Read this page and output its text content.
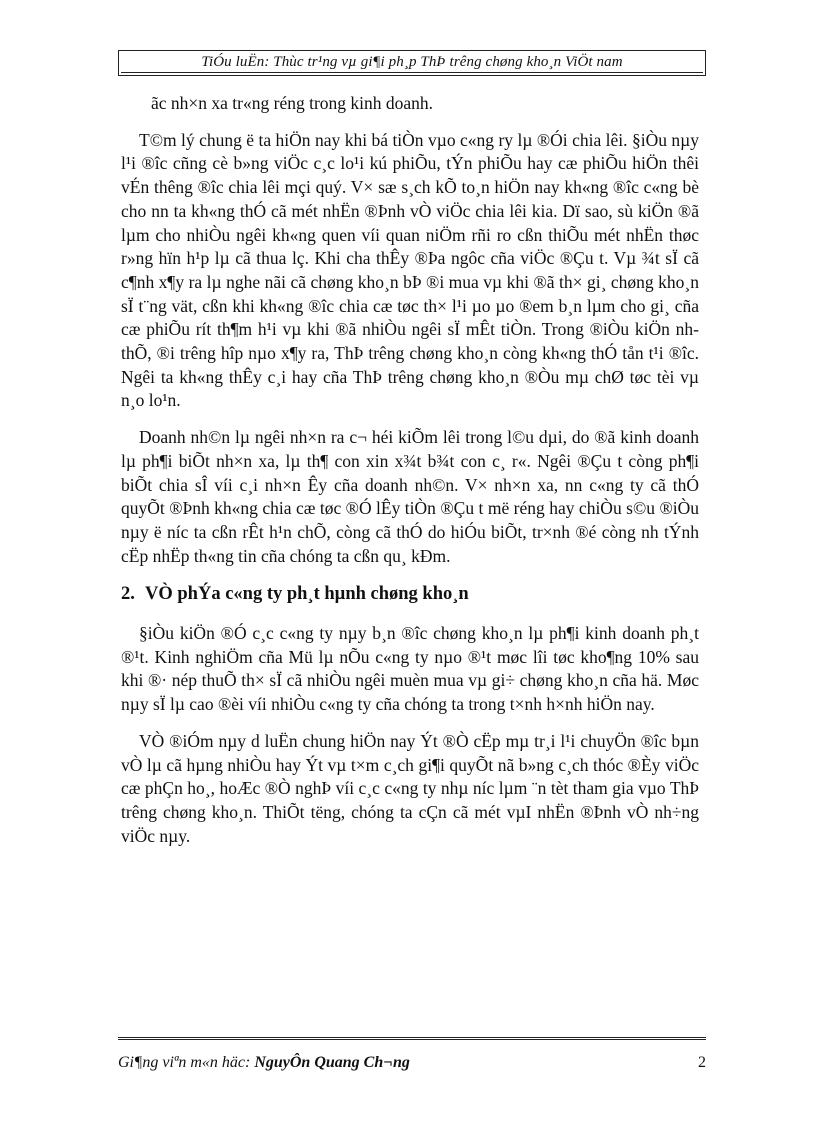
TiÓu luËn: Thùc tr¹ng vµ gi¶i ph¸p ThÞ trêng chøng kho¸n ViÖt nam

ãc nh×n xa tr«ng réng trong kinh doanh.

T©m lý chung ë ta hiÖn nay khi bá tiÒn vµo c«ng ry lµ ®Ói chia lêi. §iÒu nµy l¹i ®îc cñng cè b»ng viÖc c¸c lo¹i kú phiÕu, tÝn phiÕu hay cæ phiÕu hiÖn thêi vÉn thêng ®îc chia lêi mçi quý. V× sæ s¸ch kÕ to¸n hiÖn nay kh«ng ®îc c«ng bè cho nn ta kh«ng thÓ cã mét nhËn ®Þnh vÒ viÖc chia lêi kia. Dï sao, sù kiÖn ®ã lµm cho nhiÒu ngêi kh«ng quen víi quan niÖm rñi ro cßn thiÕu mét nhËn thøc r»ng hïn h¹p lµ cã thua lç. Khi cha thÊy ®Þa ngôc cña viÖc ®Çu t. Vµ ¾t sÏ cã c¶nh x¶y ra lµ nghe nãi cã chøng kho¸n bÞ ®i mua vµ khi ®ã th× gi¸ chøng kho¸n sÏ t¨ng vät, cßn khi kh«ng ®îc chia cæ tøc th× l¹i µo µo ®em b¸n lµm cho gi¸ cña cæ phiÕu rít th¶m h¹i vµ khi ®ã nhiÒu ngêi sÏ mÊt tiÒn. Trong ®iÒu kiÖn nh thÕ, ®i trêng hîp nµo x¶y ra, ThÞ trêng chøng kho¸n còng kh«ng thÓ tån t¹i ®îc. Ngêi ta kh«ng thÊy c¸i hay cña ThÞ trêng chøng kho¸n ®Òu mµ chØ tøc tèi vµ n¸o lo¹n.

Doanh nh©n lµ ngêi nh×n ra c¬ héi kiÕm lêi trong l©u dµi, do ®ã kinh doanh lµ ph¶i biÕt nh×n xa, lµ th¶ con xin x¾t b¾t con c¸ r«. Ngêi ®Çu t còng ph¶i biÕt chia sÎ víi c¸i nh×n Êy cña doanh nh©n. V× nh×n xa, nn c«ng ty cã thÓ quyÕt ®Þnh kh«ng chia cæ tøc ®Ó lÊy tiÒn ®Çu t më réng hay chiÒu s©u ®iÒu nµy ë níc ta cßn rÊt h¹n chÕ, còng cã thÓ do hiÓu biÕt, tr×nh ®é còng nh tÝnh cËp nhËp th«ng tin cña chóng ta cßn qu¸ kÐm.

2. VÒ phÝa c«ng ty ph¸t hµnh chøng kho¸n

§iÒu kiÖn ®Ó c¸c c«ng ty nµy b¸n ®îc chøng kho¸n lµ ph¶i kinh doanh ph¸t ®¹t. Kinh nghiÖm cña Mü lµ nÕu c«ng ty nµo ®¹t møc lîi tøc kho¶ng 10% sau khi ®· nép thuÕ th× sÏ cã nhiÒu ngêi muèn mua vµ gi÷ chøng kho¸n cña hä. Møc nµy sÏ lµ cao ®èi víi nhiÒu c«ng ty cña chóng ta trong t×nh h×nh hiÖn nay.

VÒ ®iÓm nµy d luËn chung hiÖn nay Ýt ®Ò cËp mµ tr¸i l¹i chuyÖn ®îc bµn vÒ lµ cã hµng nhiÒu hay Ýt vµ t×m c¸ch gi¶i quyÕt nã b»ng c¸ch thóc ®Èy viÖc cæ phÇn ho¸, hoÆc ®Ò nghÞ víi c¸c c«ng ty nhµ níc lµm ¨n tèt tham gia vµo ThÞ trêng chøng kho¸n. ThiÕt tëng, chóng ta cÇn cã mét vµI nhËn ®Þnh vÒ nh÷ng viÖc nµy.

Gi¶ng viªn m«n häc: NguyÔn Quang Ch¬ng	2
